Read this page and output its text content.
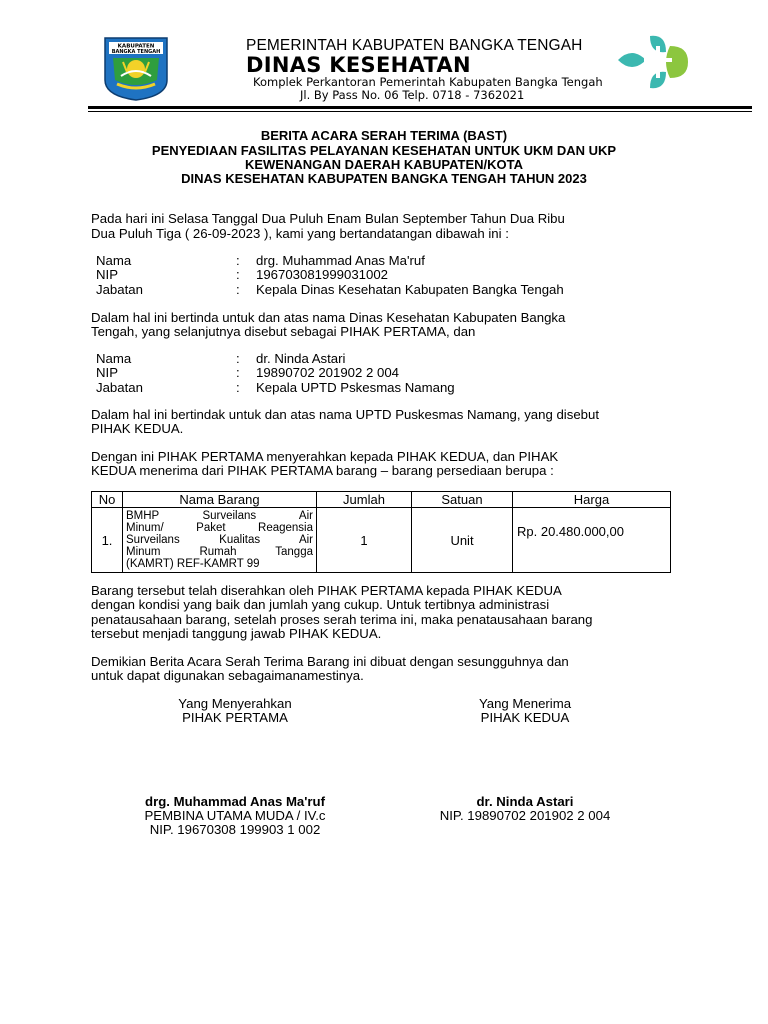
KABUPATEN
BANGKA TENGAH	PEMERINTAH KABUPATEN BANGKA TENGAH
DINAS KESEHATAN
Komplek Perkantoran Pemerintah Kabupaten Bangka Tengah
Jl. By Pass No. 06 Telp. 0718 - 7362021
BERITA ACARA SERAH TERIMA (BAST)
PENYEDIAAN FASILITAS PELAYANAN KESEHATAN UNTUK UKM DAN UKP
KEWENANGAN DAERAH KABUPATEN/KOTA
DINAS KESEHATAN KABUPATEN BANGKA TENGAH TAHUN 2023
Pada hari ini Selasa Tanggal Dua Puluh Enam Bulan September Tahun Dua Ribu
Dua Puluh Tiga ( 26-09-2023 ), kami yang bertandatangan dibawah ini :
Nama	: drg. Muhammad Anas Ma'ruf
NIP	: 196703081999031002
Jabatan	: Kepala Dinas Kesehatan Kabupaten Bangka Tengah
Dalam hal ini bertinda untuk dan atas nama Dinas Kesehatan Kabupaten Bangka
Tengah, yang selanjutnya disebut sebagai PIHAK PERTAMA, dan
Nama	: dr. Ninda Astari
NIP	: 19890702 201902 2 004
Jabatan	: Kepala UPTD Pskesmas Namang
Dalam hal ini bertindak untuk dan atas nama UPTD Puskesmas Namang, yang disebut
PIHAK KEDUA.
Dengan ini PIHAK PERTAMA menyerahkan kepada PIHAK KEDUA, dan PIHAK
KEDUA menerima dari PIHAK PERTAMA barang – barang persediaan berupa :
No	Nama Barang	Jumlah	Satuan	Harga
1.	BMHP Surveilans Air
Minum/ Paket Reagensia
Surveilans Kualitas Air
Minum Rumah Tangga
(KAMRT) REF-KAMRT 99	1	Unit	Rp. 20.480.000,00
Barang tersebut telah diserahkan oleh PIHAK PERTAMA kepada PIHAK KEDUA
dengan kondisi yang baik dan jumlah yang cukup. Untuk tertibnya administrasi
penatausahaan barang, setelah proses serah terima ini, maka penatausahaan barang
tersebut menjadi tanggung jawab PIHAK KEDUA.
Demikian Berita Acara Serah Terima Barang ini dibuat dengan sesungguhnya dan
untuk dapat digunakan sebagaimanamestinya.
Yang Menyerahkan
PIHAK PERTAMA
drg. Muhammad Anas Ma'ruf
PEMBINA UTAMA MUDA / IV.c
NIP. 19670308 199903 1 002
Yang Menerima
PIHAK KEDUA
dr. Ninda Astari
NIP. 19890702 201902 2 004
